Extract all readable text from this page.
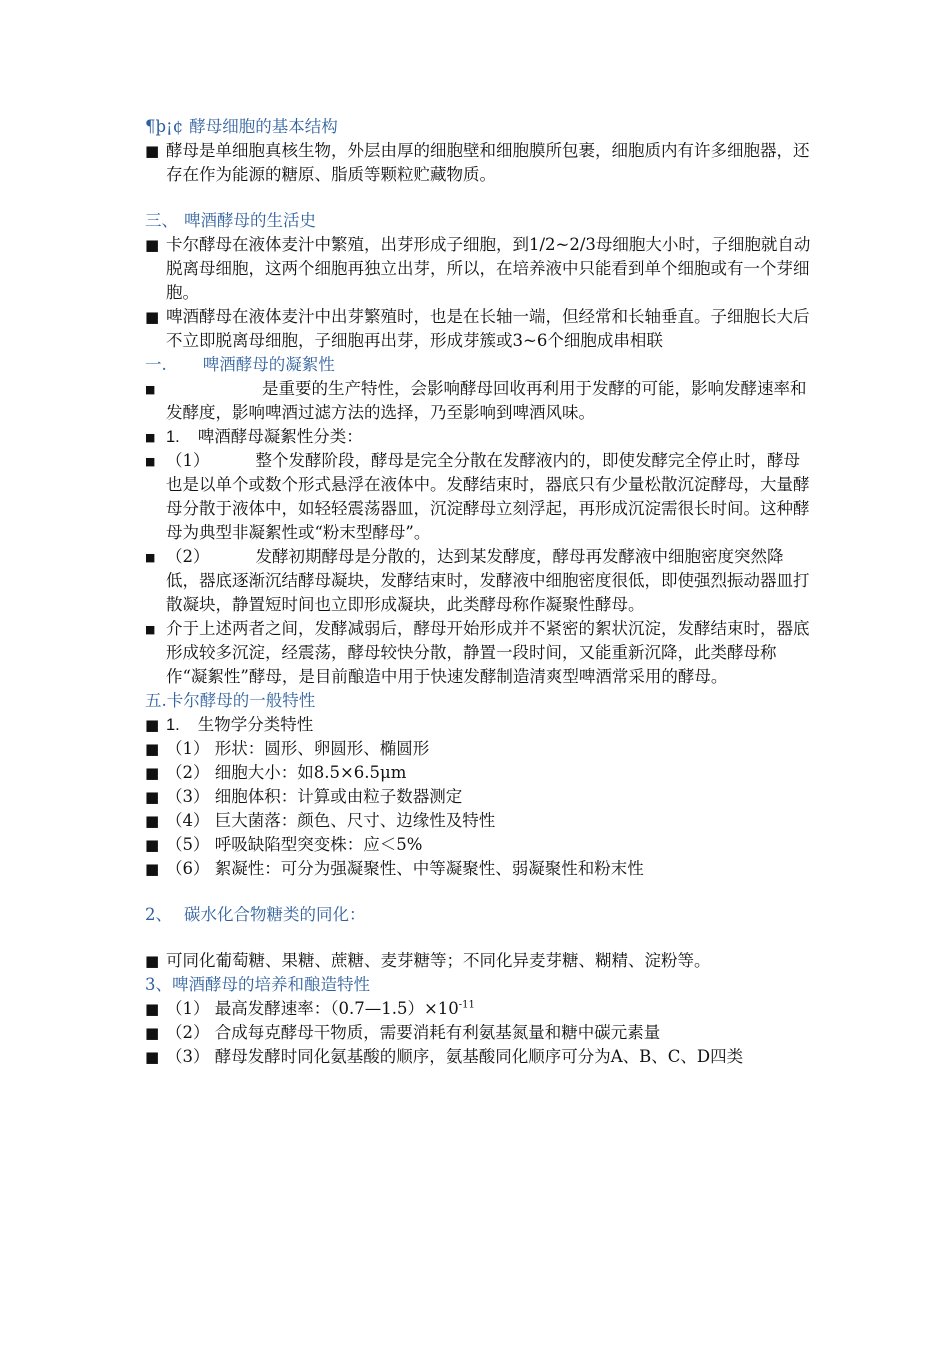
¶þ¡¢ 酵母细胞的基本结构

■ 酵母是单细胞真核生物，外层由厚的细胞壁和细胞膜所包裹，细胞质内有许多细胞器，还存在作为能源的糖原、脂质等颗粒贮藏物质。

三、 啤酒酵母的生活史

■ 卡尔酵母在液体麦汁中繁殖，出芽形成子细胞，到1/2~2/3母细胞大小时，子细胞就自动脱离母细胞，这两个细胞再独立出芽，所以，在培养液中只能看到单个细胞或有一个芽细胞。

■ 啤酒酵母在液体麦汁中出芽繁殖时，也是在长轴一端，但经常和长轴垂直。子细胞长大后不立即脱离母细胞，子细胞再出芽，形成芽簇或3~6个细胞成串相联

一. 啤酒酵母的凝絮性

■	是重要的生产特性，会影响酵母回收再利用于发酵的可能，影响发酵速率和发酵度，影响啤酒过滤方法的选择，乃至影响到啤酒风味。

■ 1. 啤酒酵母凝絮性分类：

■ （1）	整个发酵阶段，酵母是完全分散在发酵液内的，即使发酵完全停止时，酵母也是以单个或数个形式悬浮在液体中。发酵结束时，器底只有少量松散沉淀酵母，大量酵母分散于液体中，如轻轻震荡器皿，沉淀酵母立刻浮起，再形成沉淀需很长时间。这种酵母为典型非凝絮性或“粉末型酵母”。

■ （2）	发酵初期酵母是分散的，达到某发酵度，酵母再发酵液中细胞密度突然降低，器底逐渐沉结酵母凝块，发酵结束时，发酵液中细胞密度很低，即使强烈振动器皿打散凝块，静置短时间也立即形成凝块，此类酵母称作凝聚性酵母。

■ 介于上述两者之间，发酵减弱后，酵母开始形成并不紧密的絮状沉淀，发酵结束时，器底形成较多沉淀，经震荡，酵母较快分散，静置一段时间，又能重新沉降，此类酵母称作“凝絮性”酵母，是目前酿造中用于快速发酵制造清爽型啤酒常采用的酵母。

五.卡尔酵母的一般特性

■ 1. 生物学分类特性

■ （1） 形状：圆形、卵圆形、椭圆形

■ （2） 细胞大小：如8.5×6.5μm

■ （3） 细胞体积：计算或由粒子数器测定

■ （4） 巨大菌落：颜色、尺寸、边缘性及特性

■ （5） 呼吸缺陷型突变株：应＜5%

■ （6） 絮凝性：可分为强凝聚性、中等凝聚性、弱凝聚性和粉末性

2、 碳水化合物糖类的同化：

■ 可同化葡萄糖、果糖、蔗糖、麦芽糖等；不同化异麦芽糖、糊精、淀粉等。

3、啤酒酵母的培养和酿造特性

■ （1） 最高发酵速率：$(0.7—1.5)\times 10^{-11}$

■ （2） 合成每克酵母干物质，需要消耗有利氨基氮量和糖中碳元素量

■ （3） 酵母发酵时同化氨基酸的顺序，氨基酸同化顺序可分为A、B、C、D四类
